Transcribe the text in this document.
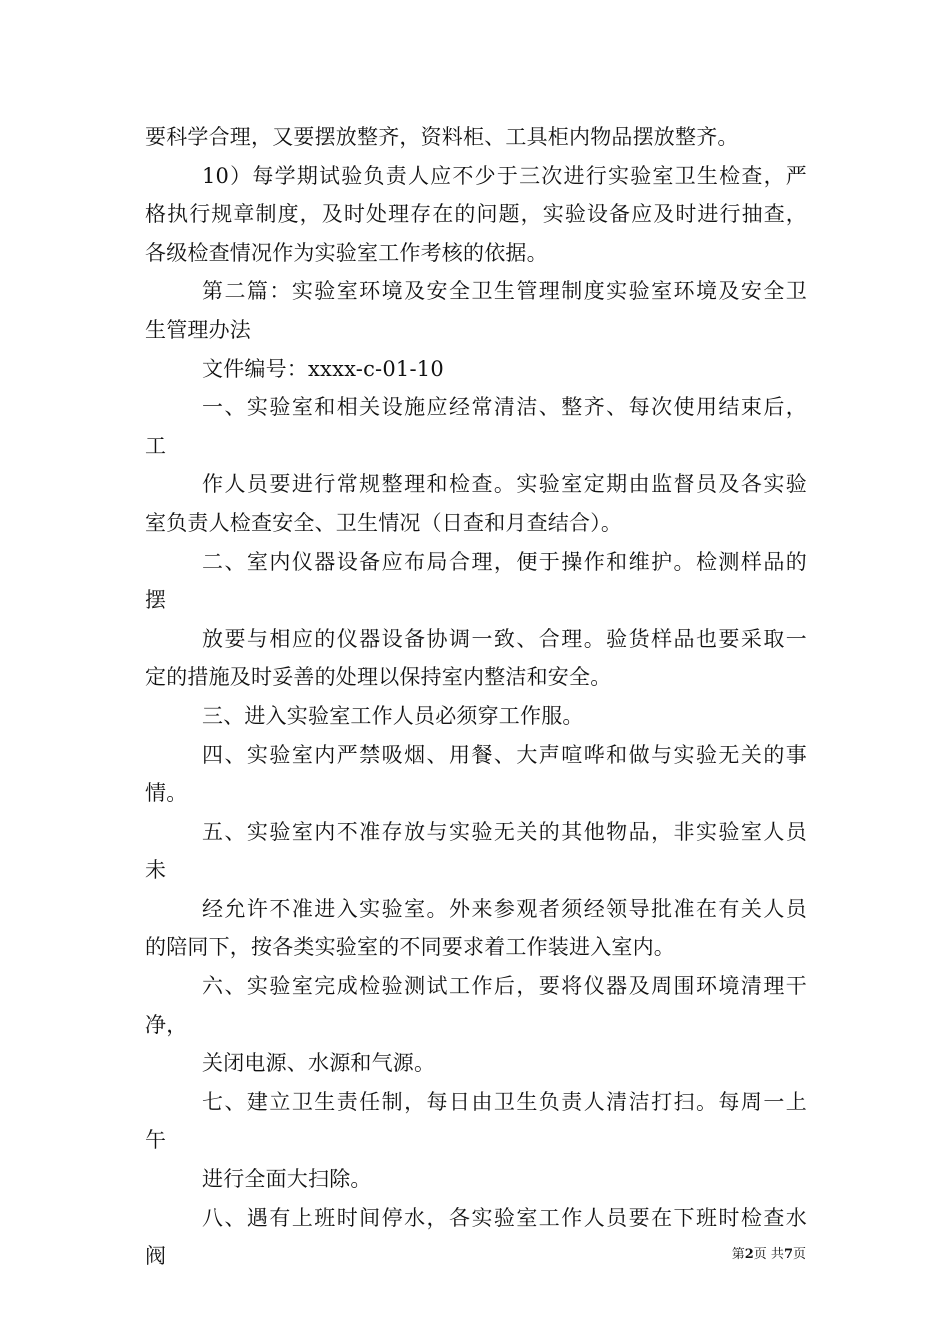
要科学合理，又要摆放整齐，资料柜、工具柜内物品摆放整齐。
10）每学期试验负责人应不少于三次进行实验室卫生检查，严
格执行规章制度，及时处理存在的问题，实验设备应及时进行抽查，
各级检查情况作为实验室工作考核的依据。
第二篇：实验室环境及安全卫生管理制度实验室环境及安全卫
生管理办法
文件编号：xxxx-c-01-10
一、实验室和相关设施应经常清洁、整齐、每次使用结束后，
工
作人员要进行常规整理和检查。实验室定期由监督员及各实验
室负责人检查安全、卫生情况（日查和月查结合）。
二、室内仪器设备应布局合理，便于操作和维护。检测样品的
摆
放要与相应的仪器设备协调一致、合理。验货样品也要采取一
定的措施及时妥善的处理以保持室内整洁和安全。
三、进入实验室工作人员必须穿工作服。
四、实验室内严禁吸烟、用餐、大声喧哗和做与实验无关的事
情。
五、实验室内不准存放与实验无关的其他物品，非实验室人员
未
经允许不准进入实验室。外来参观者须经领导批准在有关人员
的陪同下，按各类实验室的不同要求着工作装进入室内。
六、实验室完成检验测试工作后，要将仪器及周围环境清理干
净，
关闭电源、水源和气源。
七、建立卫生责任制，每日由卫生负责人清洁打扫。每周一上
午
进行全面大扫除。
八、遇有上班时间停水，各实验室工作人员要在下班时检查水
阀	第2页 共7页
